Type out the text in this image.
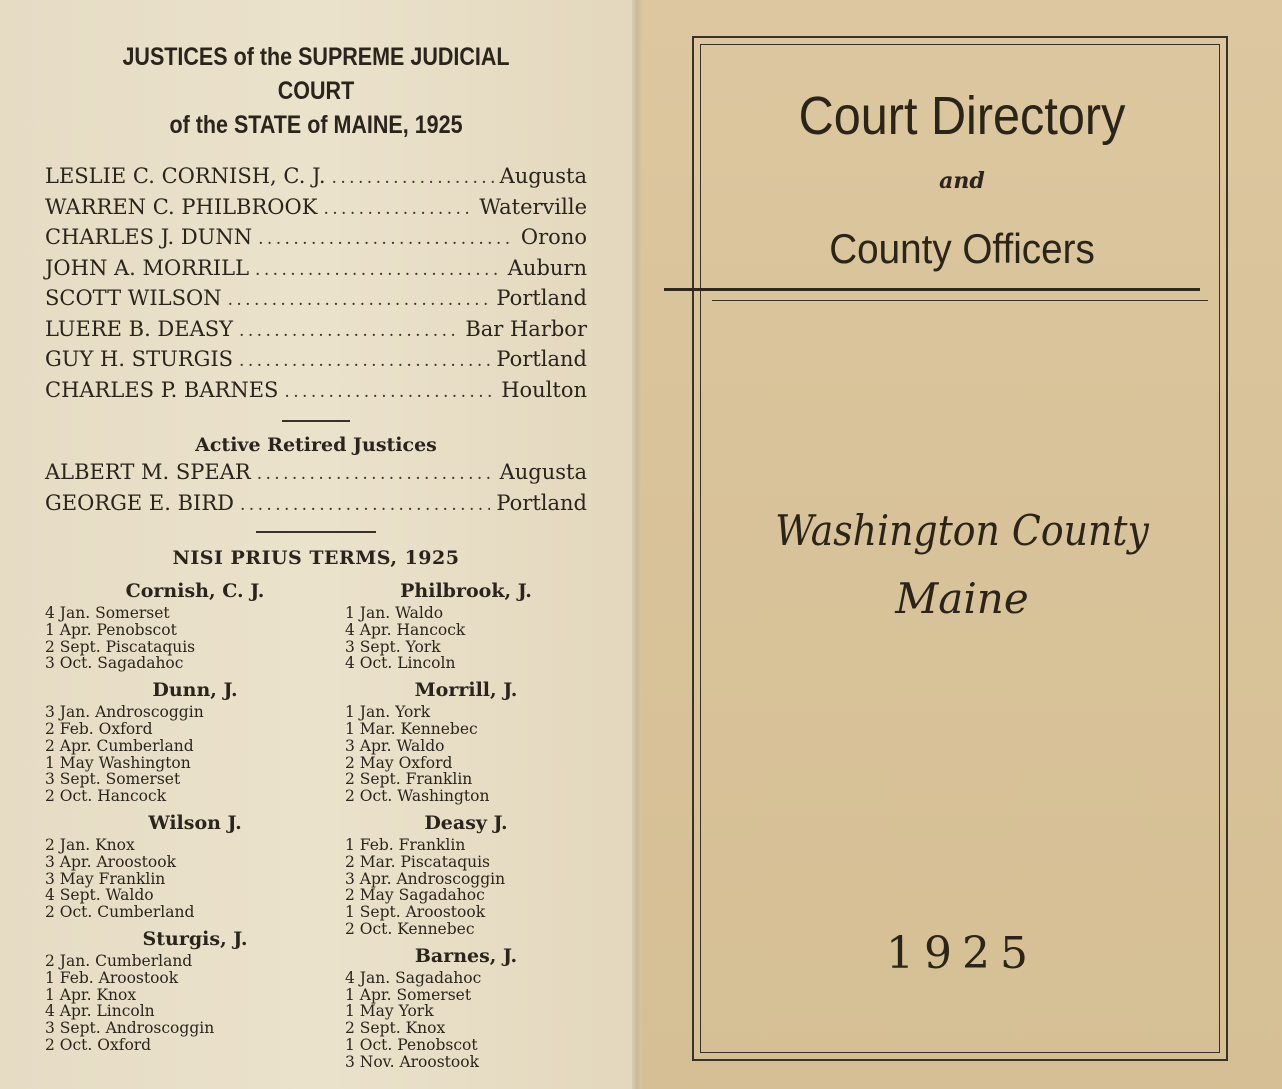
JUSTICES of the SUPREME JUDICIAL COURT
of the STATE of MAINE, 1925
LESLIE C. CORNISH, C. J. . . .	Augusta
WARREN C. PHILBROOK . . .	Waterville
CHARLES J. DUNN . . .	Orono
JOHN A. MORRILL . . .	Auburn
SCOTT WILSON . . .	Portland
LUERE B. DEASY . . .	Bar Harbor
GUY H. STURGIS . . .	Portland
CHARLES P. BARNES . . .	Houlton
Active Retired Justices
ALBERT M. SPEAR . . .	Augusta
GEORGE E. BIRD . . .	Portland
NISI PRIUS TERMS, 1925
Cornish, C. J.
4 Jan. Somerset
1 Apr. Penobscot
2 Sept. Piscataquis
3 Oct. Sagadahoc
Dunn, J.
3 Jan. Androscoggin
2 Feb. Oxford
2 Apr. Cumberland
1 May Washington
3 Sept. Somerset
2 Oct. Hancock
Wilson J.
2 Jan. Knox
3 Apr. Aroostook
3 May Franklin
4 Sept. Waldo
2 Oct. Cumberland
Sturgis, J.
2 Jan. Cumberland
1 Feb. Aroostook
1 Apr. Knox
4 Apr. Lincoln
3 Sept. Androscoggin
2 Oct. Oxford
Philbrook, J.
1 Jan. Waldo
4 Apr. Hancock
3 Sept. York
4 Oct. Lincoln
Morrill, J.
1 Jan. York
1 Mar. Kennebec
3 Apr. Waldo
2 May Oxford
2 Sept. Franklin
2 Oct. Washington
Deasy J.
1 Feb. Franklin
2 Mar. Piscataquis
3 Apr. Androscoggin
2 May Sagadahoc
1 Sept. Aroostook
2 Oct. Kennebec
Barnes, J.
4 Jan. Sagadahoc
1 Apr. Somerset
1 May York
2 Sept. Knox
1 Oct. Penobscot
3 Nov. Aroostook
Court Directory
and
County Officers
Washington County
Maine
1925
